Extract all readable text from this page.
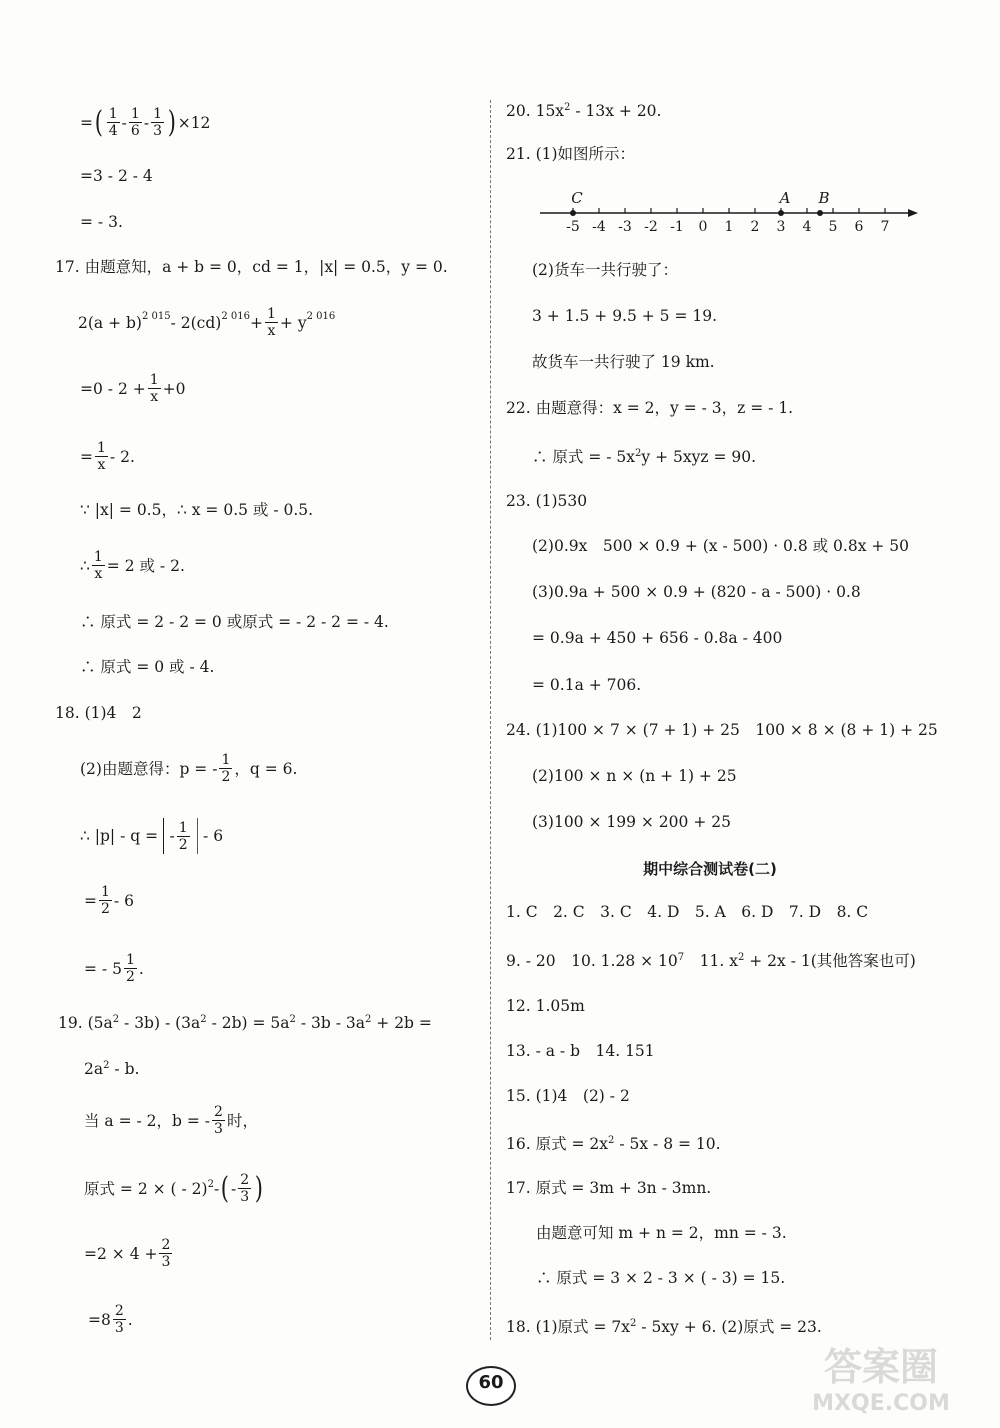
= ( $\frac{1}{4} - \frac{1}{6} - \frac{1}{3}$ ) ×12
=3 - 2 - 4
= - 3.
17. 由题意知，a + b = 0，cd = 1，|x| = 0.5，y = 0.
$2(a + b)^{2 015} - 2(cd)^{2 016} + \frac{1}{x} + y^{2 016}$
$=0 - 2 + \frac{1}{x} +0$
= $\frac{1}{x} - 2$.
∵ |x| = 0.5，∴ x = 0.5 或 - 0.5.
∴ $\frac{1}{x} = 2$ 或 - 2.
∴ 原式 = 2 - 2 = 0 或原式 = - 2 - 2 = - 4.
∴ 原式 = 0 或 - 4.
18. (1)4　2
(2)由题意得：p = - $\frac{1}{2}$ ，q = 6.
∴ |p| - q = - $\frac{1}{2} - 6$
= $\frac{1}{2} - 6$
= - $5 \frac{1}{2}$ .
19. $(5a^2 - 3b) - (3a^2 - 2b) = 5a^2 - 3b - 3a^2 + 2b$ =
$2a^2$ - b.
当 a = - 2，b = - $\frac{2}{3}$ 时，
原式 = 2 × ( - 2)$^2$ - ( - $\frac{2}{3}$ )
$=2 \times 4 + \frac{2}{3}$
$=8 \frac{2}{3}$ .
20. $15x^2 - 13x + 20$.
21. (1)如图所示：
-5 -4 -3 -2 -1 0 1 2 3 4 5 6 7
C	A B
(2)货车一共行驶了：
3 + 1.5 + 9.5 + 5 = 19.
故货车一共行驶了 19 km.
22. 由题意得：x = 2，y = - 3，z = - 1.
∴ 原式 = - $5x^2y + 5xyz = 90$.
23. (1)530
(2)0.9x　500 × 0.9 + (x - 500) · 0.8 或 0.8x + 50
(3)0.9a + 500 × 0.9 + (820 - a - 500) · 0.8
= 0.9a + 450 + 656 - 0.8a - 400
= 0.1a + 706.
24. (1)100 × 7 × (7 + 1) + 25　100 × 8 × (8 + 1) + 25
(2)100 × n × (n + 1) + 25
(3)100 × 199 × 200 + 25
期中综合测试卷(二)
1. C　2. C　3. C　4. D　5. A　6. D　7. D　8. C
9. - 20　10. $1.28 \times 10^7$　11. $x^2 + 2x - 1$(其他答案也可)
12. 1.05m
13. - a - b　14. 151
15. (1)4　(2) - 2
16. 原式 = $2x^2 - 5x - 8 = 10$.
17. 原式 = 3m + 3n - 3mn.
由题意可知 m + n = 2，mn = - 3.
∴ 原式 = 3 × 2 - 3 × ( - 3) = 15.
18. (1)原式 = $7x^2 - 5xy + 6$. (2)原式 = 23.
60	答案圈
MXQE.COM
